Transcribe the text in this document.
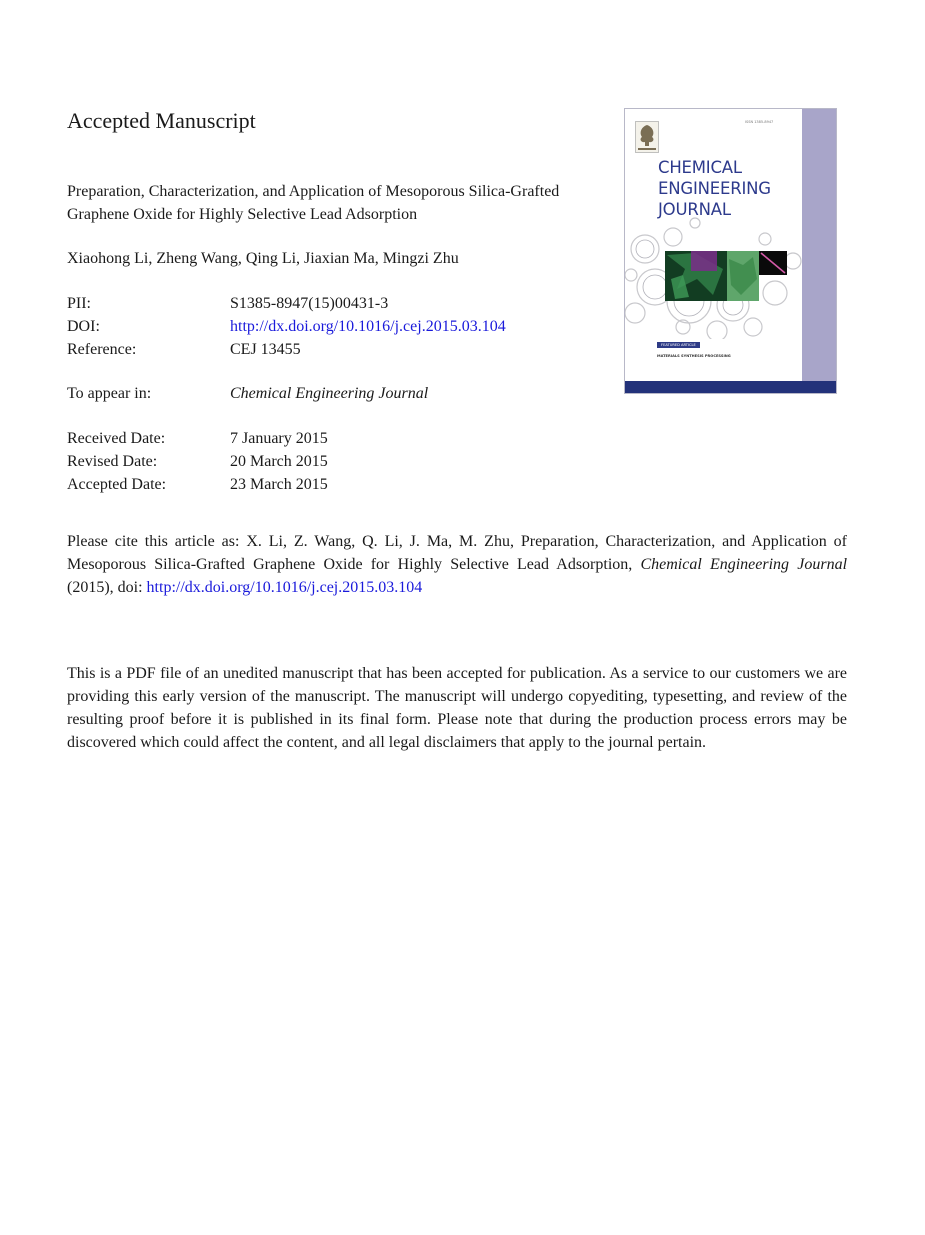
Accepted Manuscript

Preparation, Characterization, and Application of Mesoporous Silica-Grafted Graphene Oxide for Highly Selective Lead Adsorption

Xiaohong Li, Zheng Wang, Qing Li, Jiaxian Ma, Mingzi Zhu
PII:	S1385-8947(15)00431-3
DOI:	http://dx.doi.org/10.1016/j.cej.2015.03.104
Reference:	CEJ 13455
To appear in:	Chemical Engineering Journal
Received Date:	7 January 2015
Revised Date:	20 March 2015
Accepted Date:	23 March 2015

Please cite this article as: X. Li, Z. Wang, Q. Li, J. Ma, M. Zhu, Preparation, Characterization, and Application of Mesoporous Silica-Grafted Graphene Oxide for Highly Selective Lead Adsorption, Chemical Engineering Journal (2015), doi: http://dx.doi.org/10.1016/j.cej.2015.03.104

This is a PDF file of an unedited manuscript that has been accepted for publication. As a service to our customers we are providing this early version of the manuscript. The manuscript will undergo copyediting, typesetting, and review of the resulting proof before it is published in its final form. Please note that during the production process errors may be discovered which could affect the content, and all legal disclaimers that apply to the journal pertain.

ISSN 1385-8947
CHEMICAL ENGINEERING JOURNAL
FEATURED ARTICLE
MATERIALS SYNTHESIS PROCESSING
